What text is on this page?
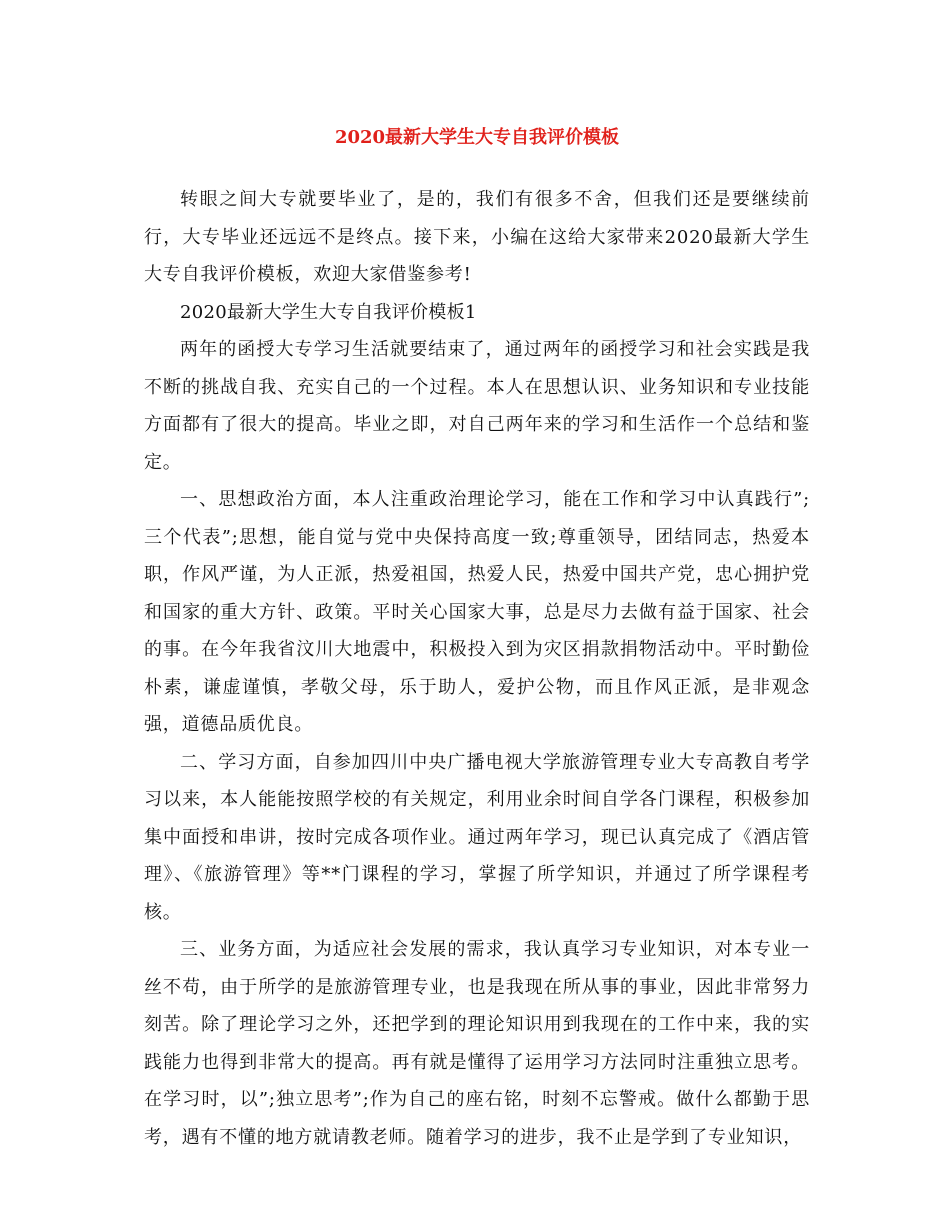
2020最新大学生大专自我评价模板

转眼之间大专就要毕业了，是的，我们有很多不舍，但我们还是要继续前行，大专毕业还远远不是终点。接下来，小编在这给大家带来2020最新大学生大专自我评价模板，欢迎大家借鉴参考!

2020最新大学生大专自我评价模板1

两年的函授大专学习生活就要结束了，通过两年的函授学习和社会实践是我不断的挑战自我、充实自己的一个过程。本人在思想认识、业务知识和专业技能方面都有了很大的提高。毕业之即，对自己两年来的学习和生活作一个总结和鉴定。

一、思想政治方面，本人注重政治理论学习，能在工作和学习中认真践行”;三个代表”;思想，能自觉与党中央保持高度一致;尊重领导，团结同志，热爱本职，作风严谨，为人正派，热爱祖国，热爱人民，热爱中国共产党，忠心拥护党和国家的重大方针、政策。平时关心国家大事，总是尽力去做有益于国家、社会的事。在今年我省汶川大地震中，积极投入到为灾区捐款捐物活动中。平时勤俭朴素，谦虚谨慎，孝敬父母，乐于助人，爱护公物，而且作风正派，是非观念强，道德品质优良。

二、学习方面，自参加四川中央广播电视大学旅游管理专业大专高教自考学习以来，本人能能按照学校的有关规定，利用业余时间自学各门课程，积极参加集中面授和串讲，按时完成各项作业。通过两年学习，现已认真完成了《酒店管理》、《旅游管理》等**门课程的学习，掌握了所学知识，并通过了所学课程考核。

三、业务方面，为适应社会发展的需求，我认真学习专业知识，对本专业一丝不苟，由于所学的是旅游管理专业，也是我现在所从事的事业，因此非常努力刻苦。除了理论学习之外，还把学到的理论知识用到我现在的工作中来，我的实践能力也得到非常大的提高。再有就是懂得了运用学习方法同时注重独立思考。在学习时，以”;独立思考”;作为自己的座右铭，时刻不忘警戒。做什么都勤于思考，遇有不懂的地方就请教老师。随着学习的进步，我不止是学到了专业知识，
